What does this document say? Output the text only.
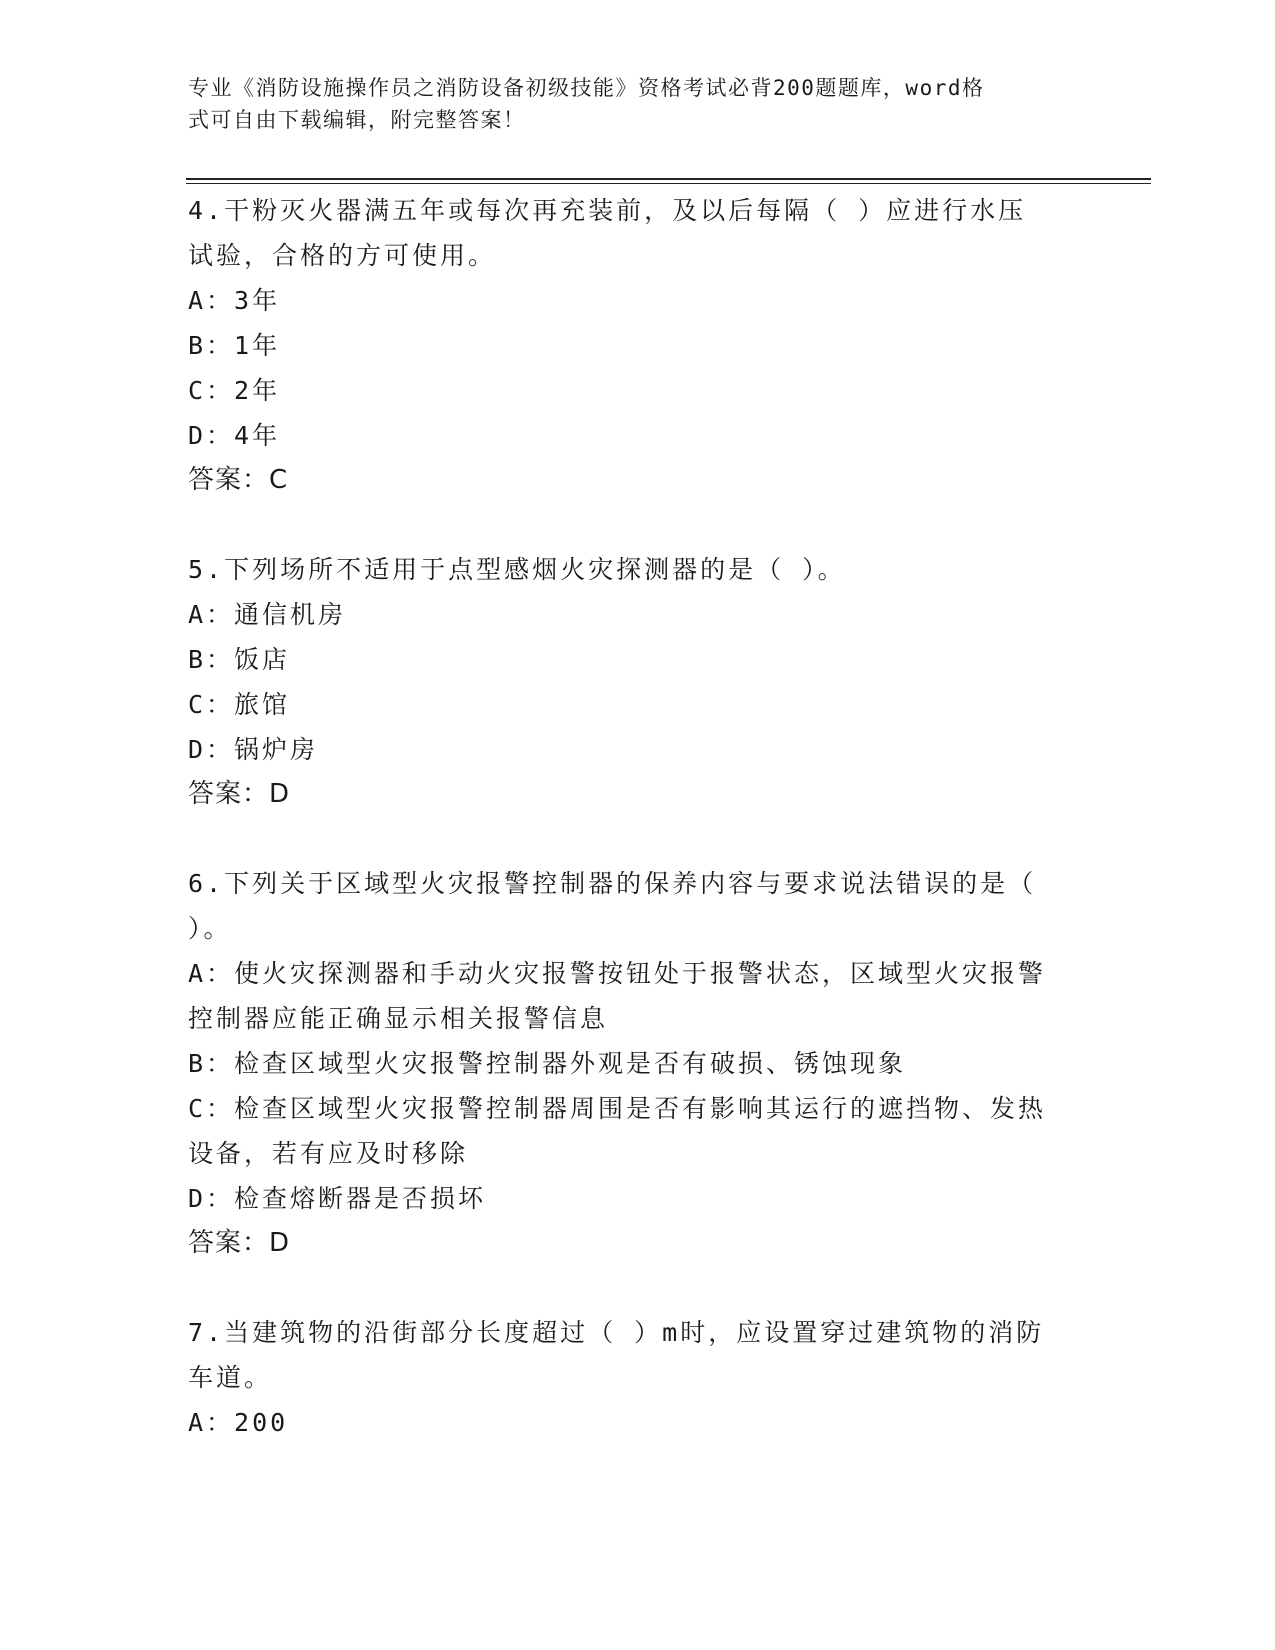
专业《消防设施操作员之消防设备初级技能》资格考试必背200题题库，word格
式可自由下载编辑，附完整答案！
4.干粉灭火器满五年或每次再充装前，及以后每隔（ ）应进行水压
试验，合格的方可使用。
A：3年
B：1年
C：2年
D：4年
答案：C
5.下列场所不适用于点型感烟火灾探测器的是（ ）。
A：通信机房
B：饭店
C：旅馆
D：锅炉房
答案：D
6.下列关于区域型火灾报警控制器的保养内容与要求说法错误的是（
）。
A：使火灾探测器和手动火灾报警按钮处于报警状态，区域型火灾报警
控制器应能正确显示相关报警信息
B：检查区域型火灾报警控制器外观是否有破损、锈蚀现象
C：检查区域型火灾报警控制器周围是否有影响其运行的遮挡物、发热
设备，若有应及时移除
D：检查熔断器是否损坏
答案：D
7.当建筑物的沿街部分长度超过（ ）m时，应设置穿过建筑物的消防
车道。
A：200
